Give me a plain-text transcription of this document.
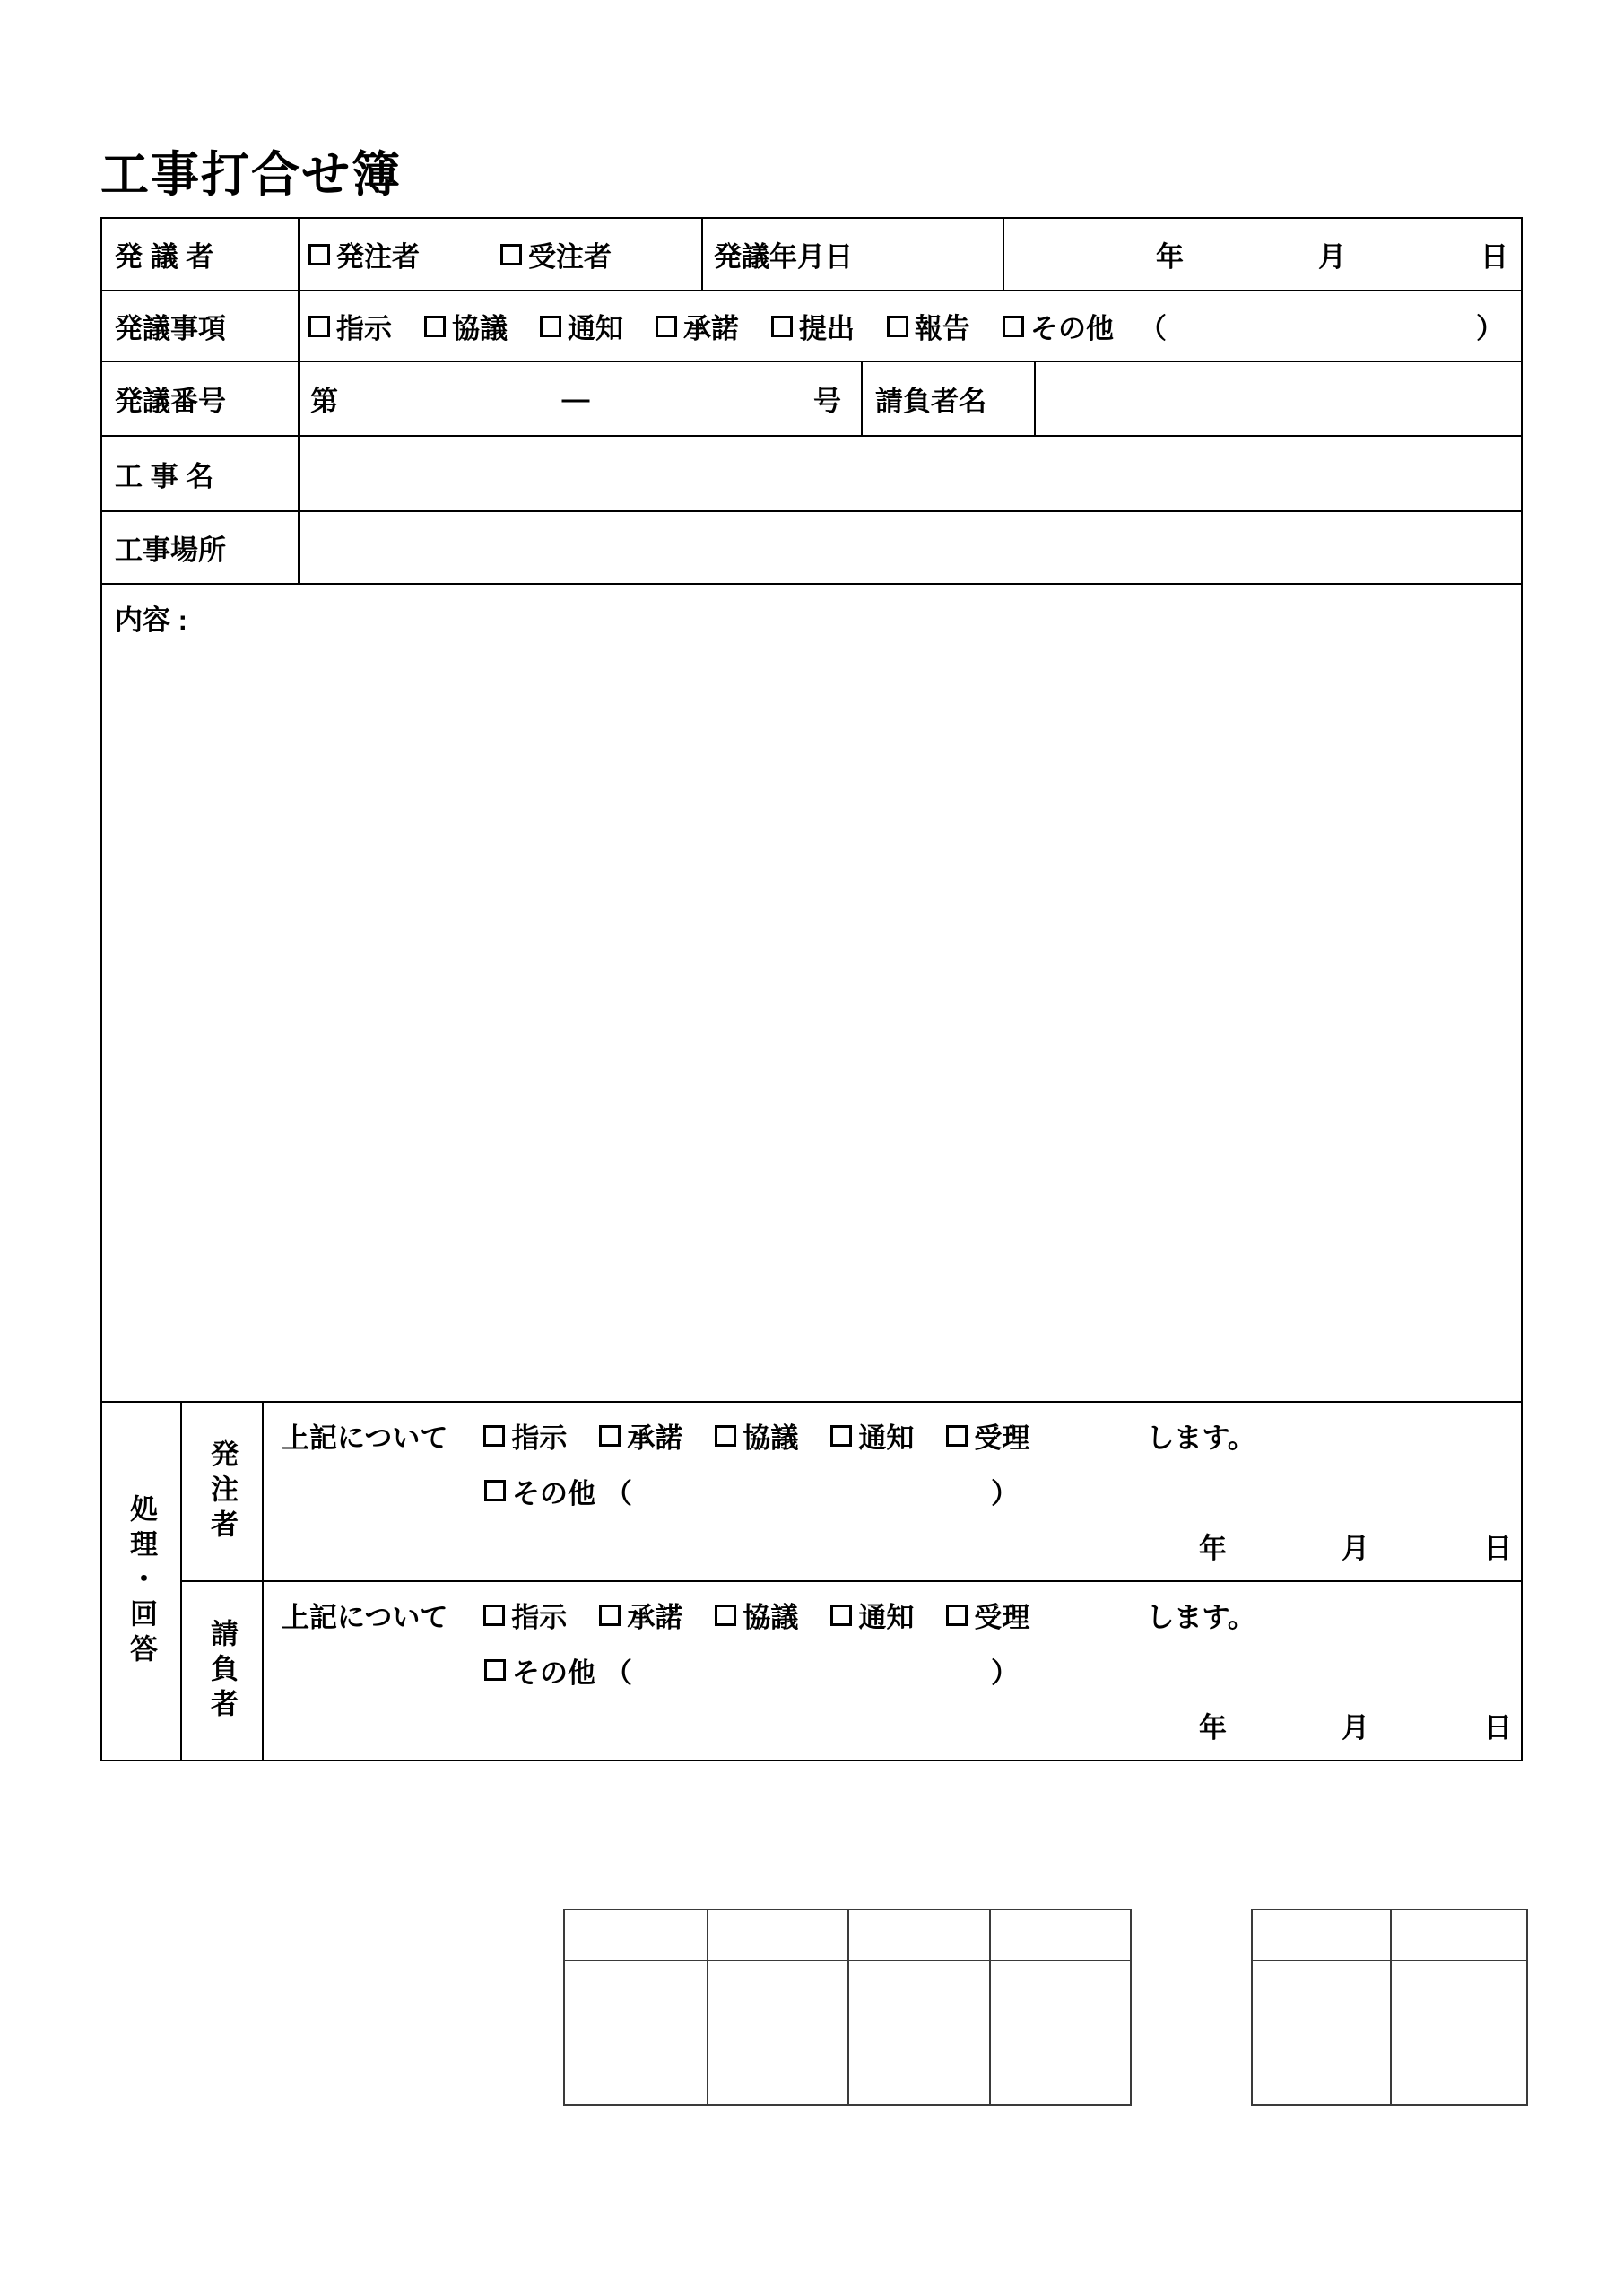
工事打合せ簿
発 議 者	発注者	受注者	発議年月日	年	月	日
発議事項	指示 協議 通知 承諾 提出 報告 その他 （	）
発議番号	第	—	号	請負者名
工 事 名
工事場所
内容 :
処理・回答
発注者
上記について 指示 承諾 協議 通知 受理	します。
その他 （	）
年	月	日
請負者
上記について 指示 承諾 協議 通知 受理	します。
その他 （	）
年	月	日
